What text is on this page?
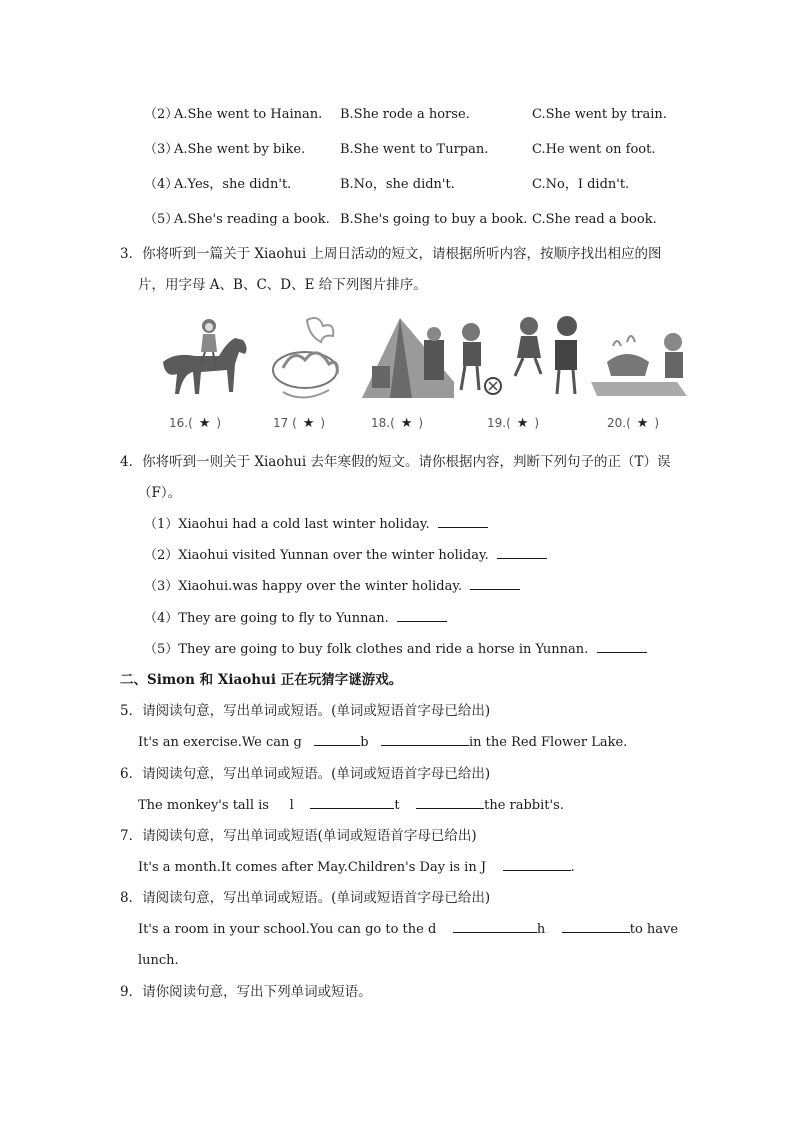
（2）
A.She went to Hainan. B.She rode a horse.	C.She went by train.
（3）
A.She went by bike.	B.She went to Turpan.	C.He went on foot.
（4）
A.Yes，she didn't.	B.No，she didn't.	C.No，I didn't.
（5）
A.She's reading a book. B.She's going to buy a book. C.She read a book.
3．你将听到一篇关于 Xiaohui 上周日活动的短文，请根据所听内容，按顺序找出相应的图
片，用字母 A、B、C、D、E 给下列图片排序。
16.( ★ )	17 ( ★ )	18.( ★ )	19.( ★ )	20.( ★ )
4．你将听到一则关于 Xiaohui 去年寒假的短文。请你根据内容，判断下列句子的正（T）误
（F）。
（1）Xiaohui had a cold last winter holiday.
（2）Xiaohui visited Yunnan over the winter holiday.
（3）Xiaohui.was happy over the winter holiday.
（4）They are going to fly to Yunnan.
（5）They are going to buy folk clothes and ride a horse in Yunnan.
二、Simon 和 Xiaohui 正在玩猜字谜游戏。
5．请阅读句意，写出单词或短语。(单词或短语首字母已给出)
It's an exercise.We can g	b	in the Red Flower Lake.
6．请阅读句意，写出单词或短语。(单词或短语首字母已给出)
The monkey's tall is l	t	the rabbit's.
7．请阅读句意，写出单词或短语(单词或短语首字母已给出)
It's a month.It comes after May.Children's Day is in J	.
8．请阅读句意，写出单词或短语。(单词或短语首字母已给出)
It's a room in your school.You can go to the d	h	to have
lunch.
9．请你阅读句意，写出下列单词或短语。
